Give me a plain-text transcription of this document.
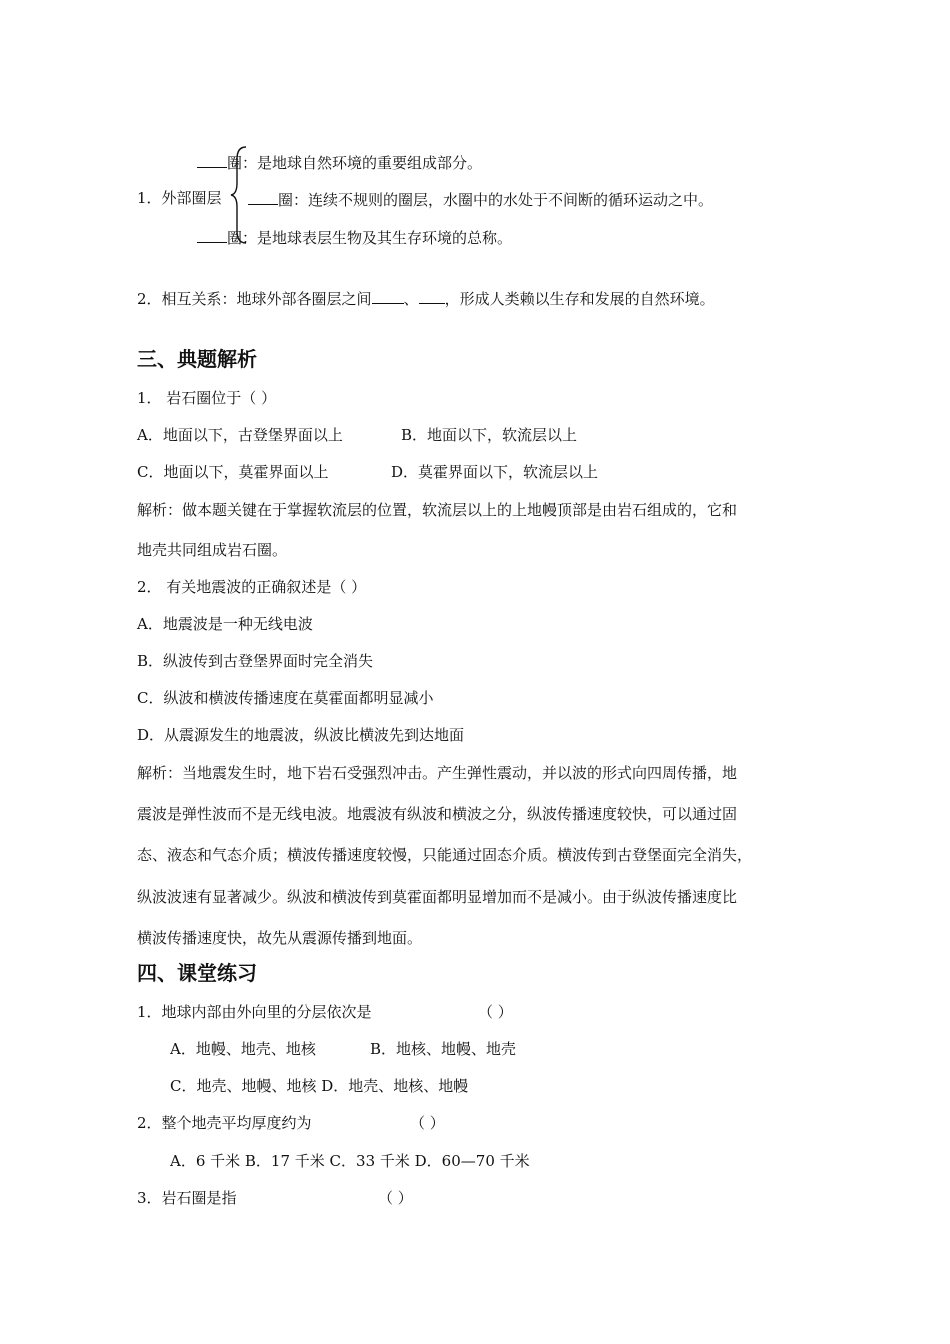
圈：是地球自然环境的重要组成部分。
1．外部圈层	圈：连续不规则的圈层，水圈中的水处于不间断的循环运动之中。
圈：是地球表层生物及其生存环境的总称。
2．相互关系：地球外部各圈层之间 、 ，形成人类赖以生存和发展的自然环境。
三、典题解析
1． 岩石圈位于（ ）
A．地面以下，古登堡界面以上	B．地面以下，软流层以上
C．地面以下，莫霍界面以上	D．莫霍界面以下，软流层以上
解析：做本题关键在于掌握软流层的位置，软流层以上的上地幔顶部是由岩石组成的，它和
地壳共同组成岩石圈。
2． 有关地震波的正确叙述是（ ）
A．地震波是一种无线电波
B．纵波传到古登堡界面时完全消失
C．纵波和横波传播速度在莫霍面都明显减小
D．从震源发生的地震波，纵波比横波先到达地面
解析：当地震发生时，地下岩石受强烈冲击。产生弹性震动，并以波的形式向四周传播，地
震波是弹性波而不是无线电波。地震波有纵波和横波之分，纵波传播速度较快，可以通过固
态、液态和气态介质；横波传播速度较慢，只能通过固态介质。横波传到古登堡面完全消失，
纵波波速有显著减少。纵波和横波传到莫霍面都明显增加而不是减小。由于纵波传播速度比
横波传播速度快，故先从震源传播到地面。
四、课堂练习
1．地球内部由外向里的分层依次是	（ ）
A．地幔、地壳、地核	B．地核、地幔、地壳
C．地壳、地幔、地核 D．地壳、地核、地幔
2．整个地壳平均厚度约为	（ ）
A．6 千米 B．17 千米 C．33 千米 D．60—70 千米
3．岩石圈是指	（ ）
